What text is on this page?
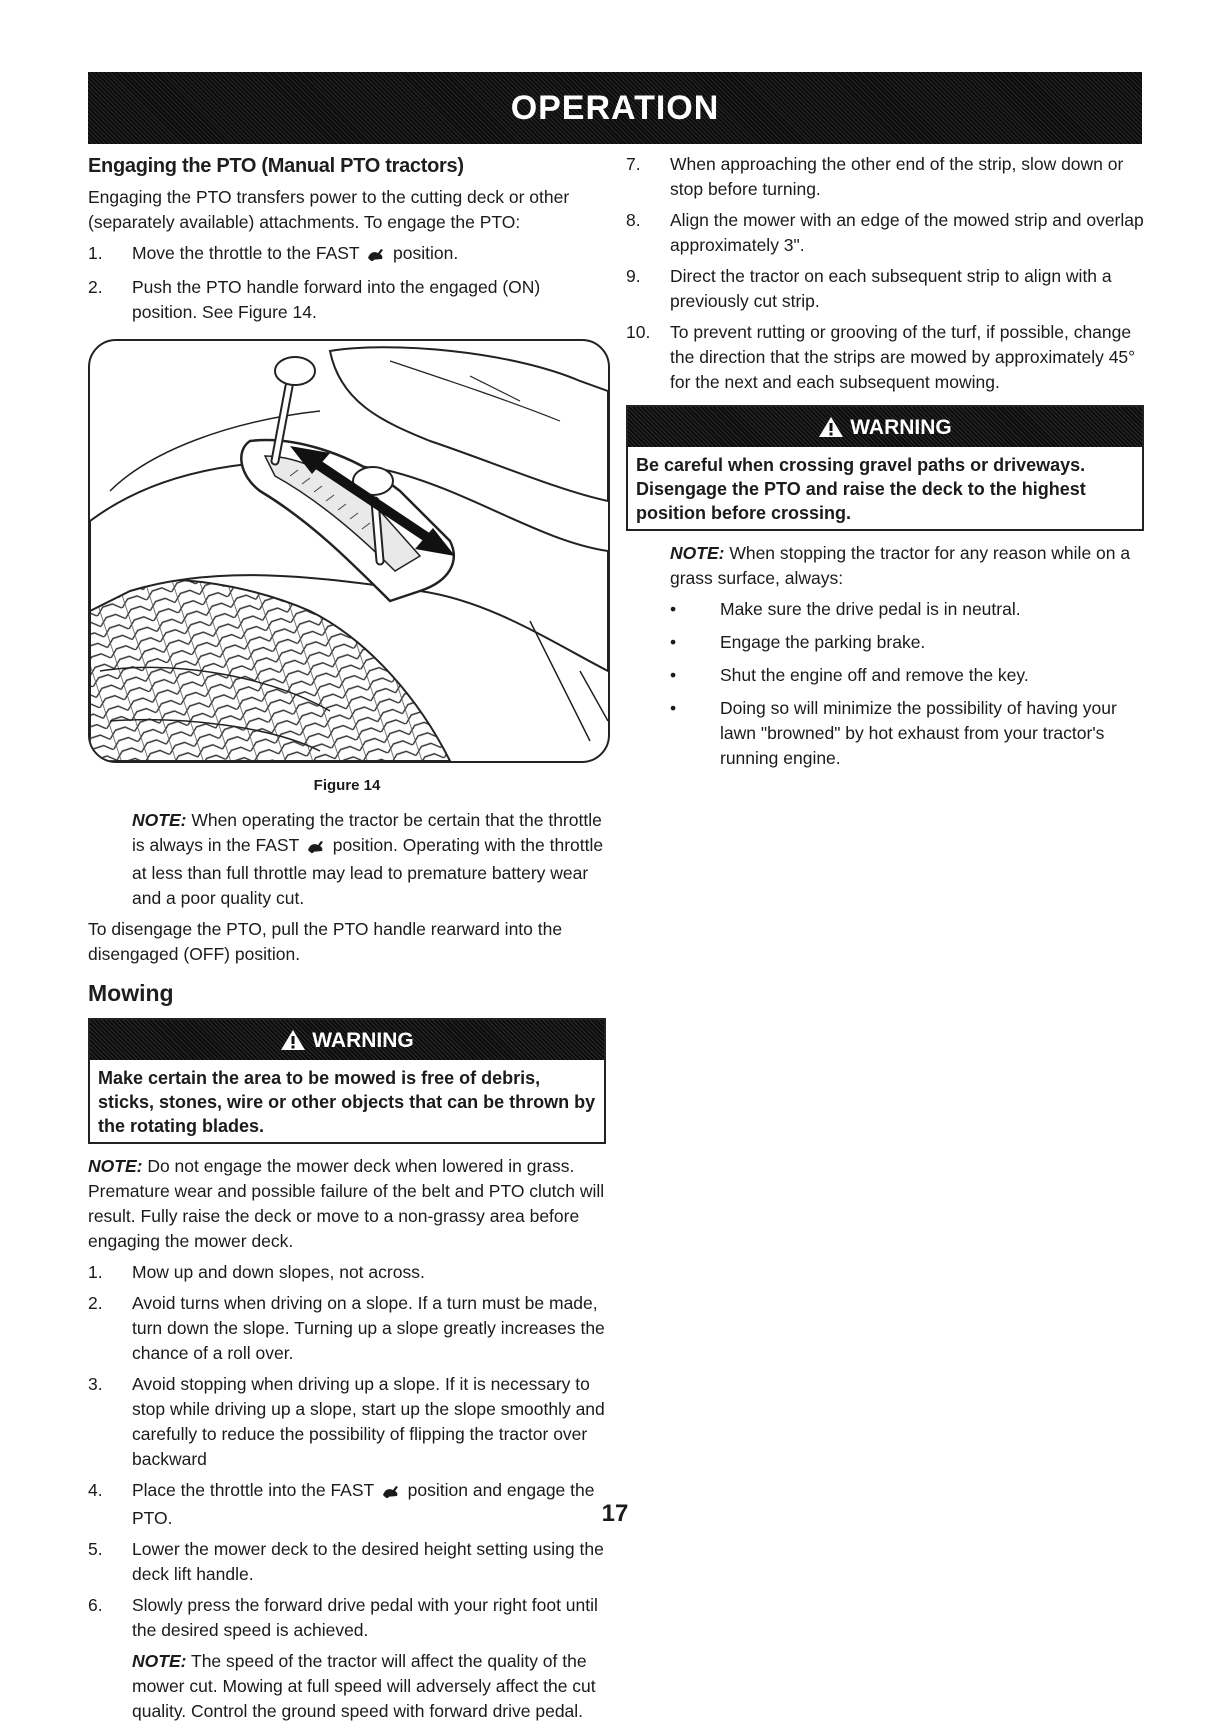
OPERATION
Engaging the PTO (Manual PTO tractors)

Engaging the PTO transfers power to the cutting deck or other (separately available) attachments. To engage the PTO:

1.	Move the throttle to the FAST  position.
2.	Push the PTO handle forward into the engaged (ON) position. See Figure 14.
Figure 14

NOTE: When operating the tractor be certain that the throttle is always in the FAST  position. Operating with the throttle at less than full throttle may lead to premature battery wear and a poor quality cut.

To disengage the PTO, pull the PTO handle rearward into the disengaged (OFF) position.

Mowing
WARNING
Make certain the area to be mowed is free of debris, sticks, stones, wire or other objects that can be thrown by the rotating blades.

NOTE: Do not engage the mower deck when lowered in grass. Premature wear and possible failure of the belt and PTO clutch will result. Fully raise the deck or move to a non-grassy area before engaging the mower deck.

1.	Mow up and down slopes, not across.
2.	Avoid turns when driving on a slope. If a turn must be made, turn down the slope. Turning up a slope greatly increases the chance of a roll over.
3.	Avoid stopping when driving up a slope. If it is necessary to stop while driving up a slope, start up the slope smoothly and carefully to reduce the possibility of flipping the tractor over backward
4.	Place the throttle into the FAST  position and engage the PTO.
5.	Lower the mower deck to the desired height setting using the deck lift handle.
6.	Slowly press the forward drive pedal with your right foot until the desired speed is achieved.

NOTE: The speed of the tractor will affect the quality of the mower cut. Mowing at full speed will adversely affect the cut quality. Control the ground speed with forward drive pedal.

7.	When approaching the other end of the strip, slow down or stop before turning.
8.	Align the mower with an edge of the mowed strip and overlap approximately 3".
9.	Direct the tractor on each subsequent strip to align with a previously cut strip.
10.	To prevent rutting or grooving of the turf, if possible, change the direction that the strips are mowed by approximately 45° for the next and each subsequent mowing.
WARNING
Be careful when crossing gravel paths or driveways. Disengage the PTO and raise the deck to the highest position before crossing.

NOTE: When stopping the tractor for any reason while on a grass surface, always:

•	Make sure the drive pedal is in neutral.
•	Engage the parking brake.
•	Shut the engine off and remove the key.
•	Doing so will minimize the possibility of having your lawn "browned" by hot exhaust from your tractor's running engine.
17
